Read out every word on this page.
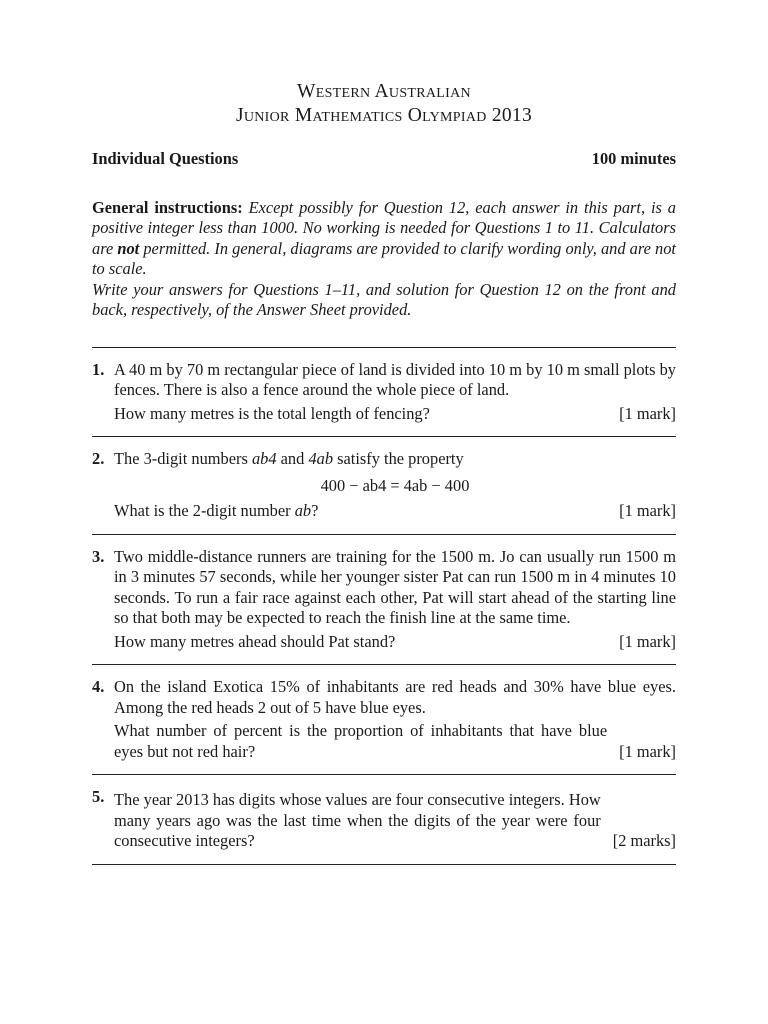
Western Australian
Junior Mathematics Olympiad 2013
Individual Questions	100 minutes

General instructions: Except possibly for Question 12, each answer in this part, is a positive integer less than 1000. No working is needed for Questions 1 to 11. Calculators are not permitted. In general, diagrams are provided to clarify wording only, and are not to scale.

Write your answers for Questions 1–11, and solution for Question 12 on the front and back, respectively, of the Answer Sheet provided.

1. A 40 m by 70 m rectangular piece of land is divided into 10 m by 10 m small plots by fences. There is also a fence around the whole piece of land.

How many metres is the total length of fencing?	[1 mark]

2. The 3-digit numbers ab4 and 4ab satisfy the property

400 − ab4 = 4ab − 400

What is the 2-digit number ab?	[1 mark]

3. Two middle-distance runners are training for the 1500 m. Jo can usually run 1500 m in 3 minutes 57 seconds, while her younger sister Pat can run 1500 m in 4 minutes 10 seconds. To run a fair race against each other, Pat will start ahead of the starting line so that both may be expected to reach the finish line at the same time.

How many metres ahead should Pat stand?	[1 mark]

4. On the island Exotica 15% of inhabitants are red heads and 30% have blue eyes. Among the red heads 2 out of 5 have blue eyes.

What number of percent is the proportion of inhabitants that have blue eyes but not red hair?	[1 mark]

5. The year 2013 has digits whose values are four consecutive integers. How many years ago was the last time when the digits of the year were four consecutive integers?	[2 marks]
